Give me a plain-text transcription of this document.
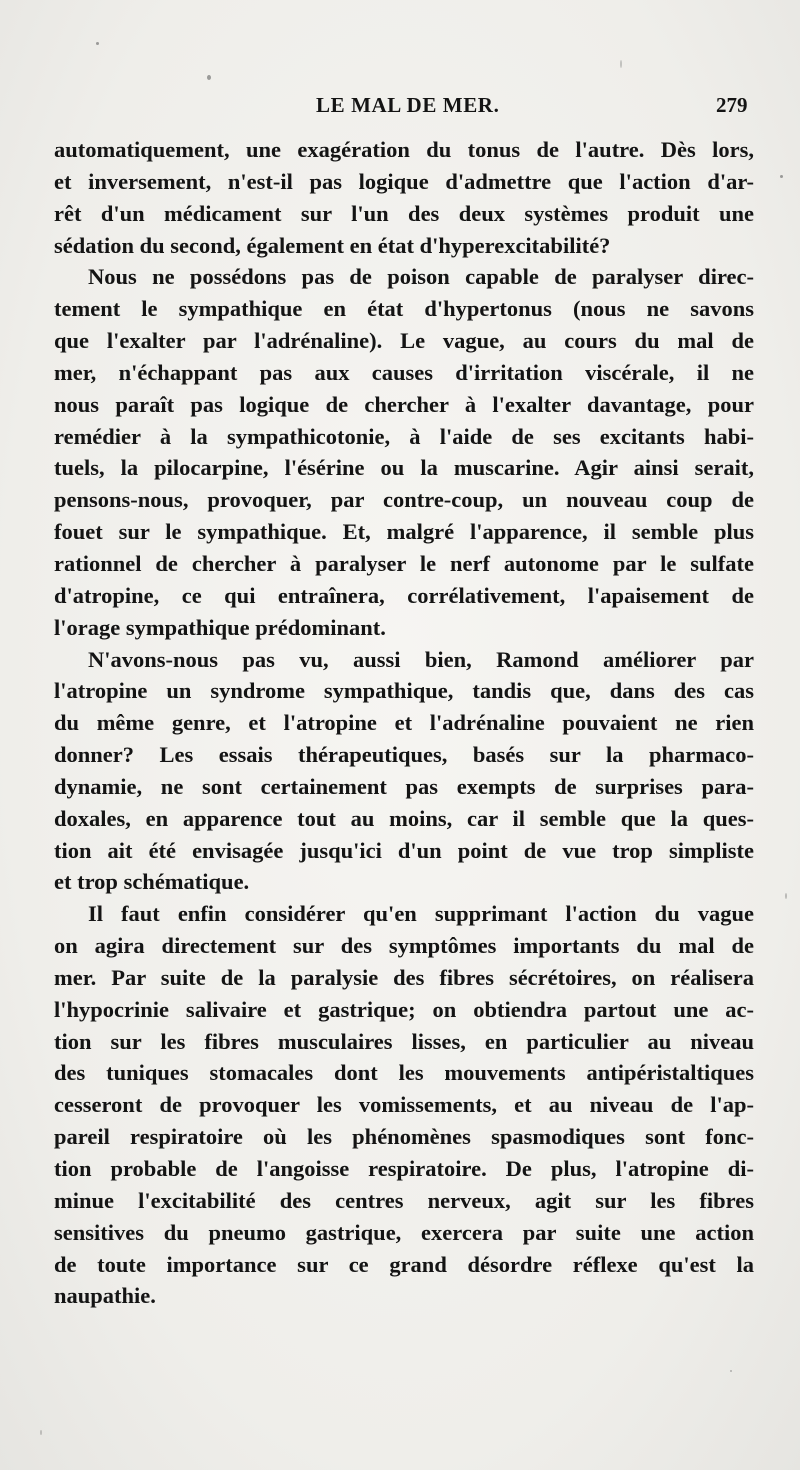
LE MAL DE MER.	279
automatiquement, une exagération du tonus de l'autre. Dès lors,
et inversement, n'est-il pas logique d'admettre que l'action d'ar-
rêt d'un médicament sur l'un des deux systèmes produit une
sédation du second, également en état d'hyperexcitabilité?
Nous ne possédons pas de poison capable de paralyser direc-
tement le sympathique en état d'hypertonus (nous ne savons
que l'exalter par l'adrénaline). Le vague, au cours du mal de
mer, n'échappant pas aux causes d'irritation viscérale, il ne
nous paraît pas logique de chercher à l'exalter davantage, pour
remédier à la sympathicotonie, à l'aide de ses excitants habi-
tuels, la pilocarpine, l'ésérine ou la muscarine. Agir ainsi serait,
pensons-nous, provoquer, par contre-coup, un nouveau coup de
fouet sur le sympathique. Et, malgré l'apparence, il semble plus
rationnel de chercher à paralyser le nerf autonome par le sulfate
d'atropine, ce qui entraînera, corrélativement, l'apaisement de
l'orage sympathique prédominant.
N'avons-nous pas vu, aussi bien, Ramond améliorer par
l'atropine un syndrome sympathique, tandis que, dans des cas
du même genre, et l'atropine et l'adrénaline pouvaient ne rien
donner? Les essais thérapeutiques, basés sur la pharmaco-
dynamie, ne sont certainement pas exempts de surprises para-
doxales, en apparence tout au moins, car il semble que la ques-
tion ait été envisagée jusqu'ici d'un point de vue trop simpliste
et trop schématique.
Il faut enfin considérer qu'en supprimant l'action du vague
on agira directement sur des symptômes importants du mal de
mer. Par suite de la paralysie des fibres sécrétoires, on réalisera
l'hypocrinie salivaire et gastrique; on obtiendra partout une ac-
tion sur les fibres musculaires lisses, en particulier au niveau
des tuniques stomacales dont les mouvements antipéristaltiques
cesseront de provoquer les vomissements, et au niveau de l'ap-
pareil respiratoire où les phénomènes spasmodiques sont fonc-
tion probable de l'angoisse respiratoire. De plus, l'atropine di-
minue l'excitabilité des centres nerveux, agit sur les fibres
sensitives du pneumo gastrique, exercera par suite une action
de toute importance sur ce grand désordre réflexe qu'est la
naupathie.
